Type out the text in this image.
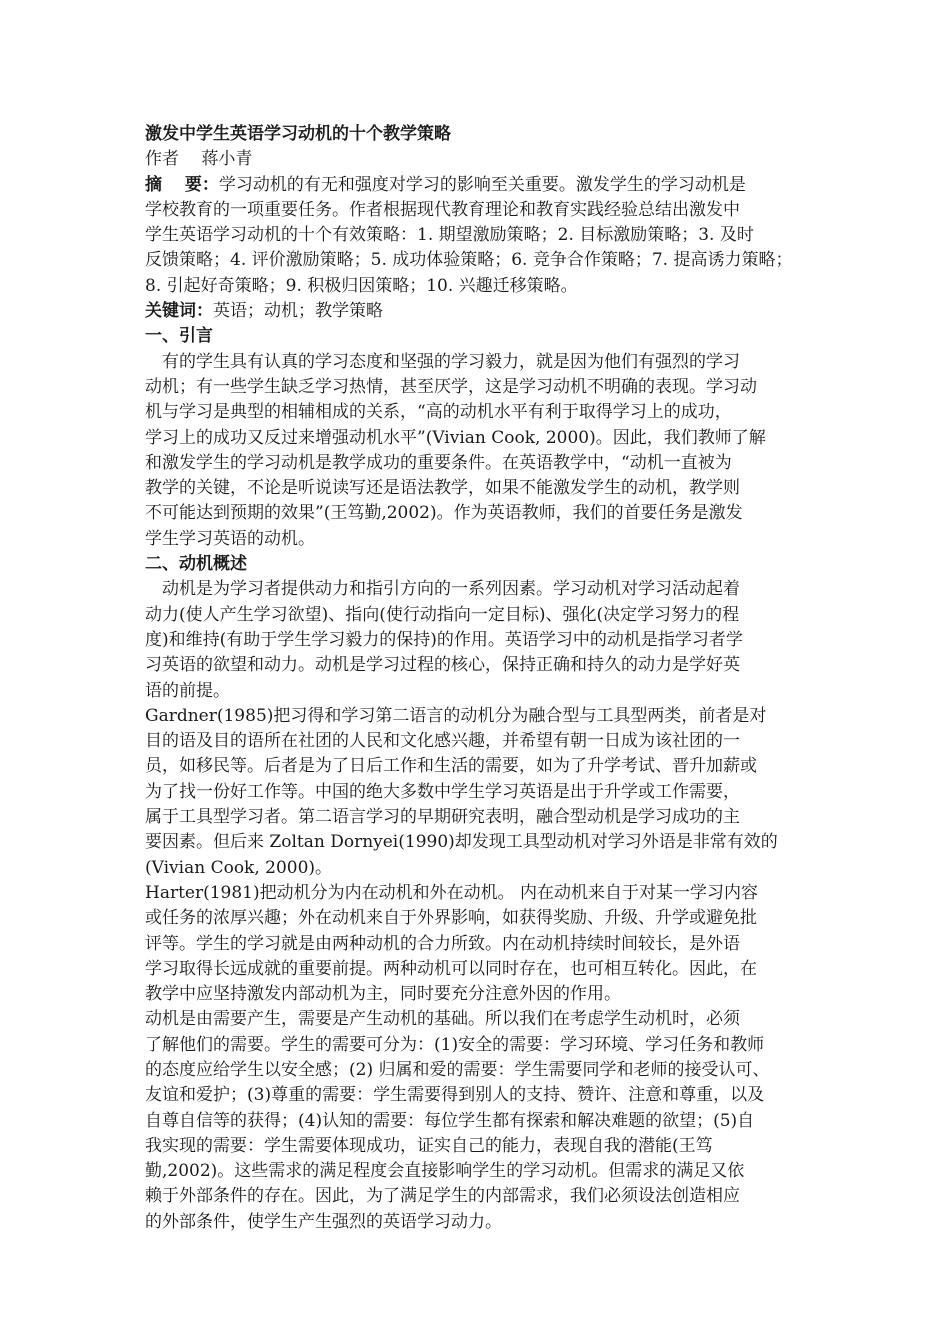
激发中学生英语学习动机的十个教学策略
作者　 蒋小青
摘　 要：学习动机的有无和强度对学习的影响至关重要。激发学生的学习动机是
学校教育的一项重要任务。作者根据现代教育理论和教育实践经验总结出激发中
学生英语学习动机的十个有效策略：1. 期望激励策略；2. 目标激励策略；3. 及时
反馈策略；4. 评价激励策略；5. 成功体验策略；6. 竞争合作策略；7. 提高诱力策略；
8. 引起好奇策略；9. 积极归因策略；10. 兴趣迁移策略。
关键词：英语；动机；教学策略
一、引言
　有的学生具有认真的学习态度和坚强的学习毅力，就是因为他们有强烈的学习
动机；有一些学生缺乏学习热情，甚至厌学，这是学习动机不明确的表现。学习动
机与学习是典型的相辅相成的关系，“高的动机水平有利于取得学习上的成功，
学习上的成功又反过来增强动机水平”(Vivian Cook, 2000)。因此，我们教师了解
和激发学生的学习动机是教学成功的重要条件。在英语教学中，“动机一直被为
教学的关键，不论是听说读写还是语法教学，如果不能激发学生的动机，教学则
不可能达到预期的效果”(王笃勤,2002)。作为英语教师，我们的首要任务是激发
学生学习英语的动机。
二、动机概述
　动机是为学习者提供动力和指引方向的一系列因素。学习动机对学习活动起着
动力(使人产生学习欲望)、指向(使行动指向一定目标)、强化(决定学习努力的程
度)和维持(有助于学生学习毅力的保持)的作用。英语学习中的动机是指学习者学
习英语的欲望和动力。动机是学习过程的核心，保持正确和持久的动力是学好英
语的前提。
Gardner(1985)把习得和学习第二语言的动机分为融合型与工具型两类，前者是对
目的语及目的语所在社团的人民和文化感兴趣，并希望有朝一日成为该社团的一
员，如移民等。后者是为了日后工作和生活的需要，如为了升学考试、晋升加薪或
为了找一份好工作等。中国的绝大多数中学生学习英语是出于升学或工作需要，
属于工具型学习者。第二语言学习的早期研究表明，融合型动机是学习成功的主
要因素。但后来 Zoltan Dornyei(1990)却发现工具型动机对学习外语是非常有效的
(Vivian Cook, 2000)。
Harter(1981)把动机分为内在动机和外在动机。 内在动机来自于对某一学习内容
或任务的浓厚兴趣；外在动机来自于外界影响，如获得奖励、升级、升学或避免批
评等。学生的学习就是由两种动机的合力所致。内在动机持续时间较长，是外语
学习取得长远成就的重要前提。两种动机可以同时存在，也可相互转化。因此，在
教学中应坚持激发内部动机为主，同时要充分注意外因的作用。
动机是由需要产生，需要是产生动机的基础。所以我们在考虑学生动机时，必须
了解他们的需要。学生的需要可分为：(1)安全的需要：学习环境、学习任务和教师
的态度应给学生以安全感；(2) 归属和爱的需要：学生需要同学和老师的接受认可、
友谊和爱护；(3)尊重的需要：学生需要得到别人的支持、赞许、注意和尊重，以及
自尊自信等的获得；(4)认知的需要：每位学生都有探索和解决难题的欲望；(5)自
我实现的需要：学生需要体现成功，证实自己的能力，表现自我的潜能(王笃
勤,2002)。这些需求的满足程度会直接影响学生的学习动机。但需求的满足又依
赖于外部条件的存在。因此，为了满足学生的内部需求，我们必须设法创造相应
的外部条件，使学生产生强烈的英语学习动力。
